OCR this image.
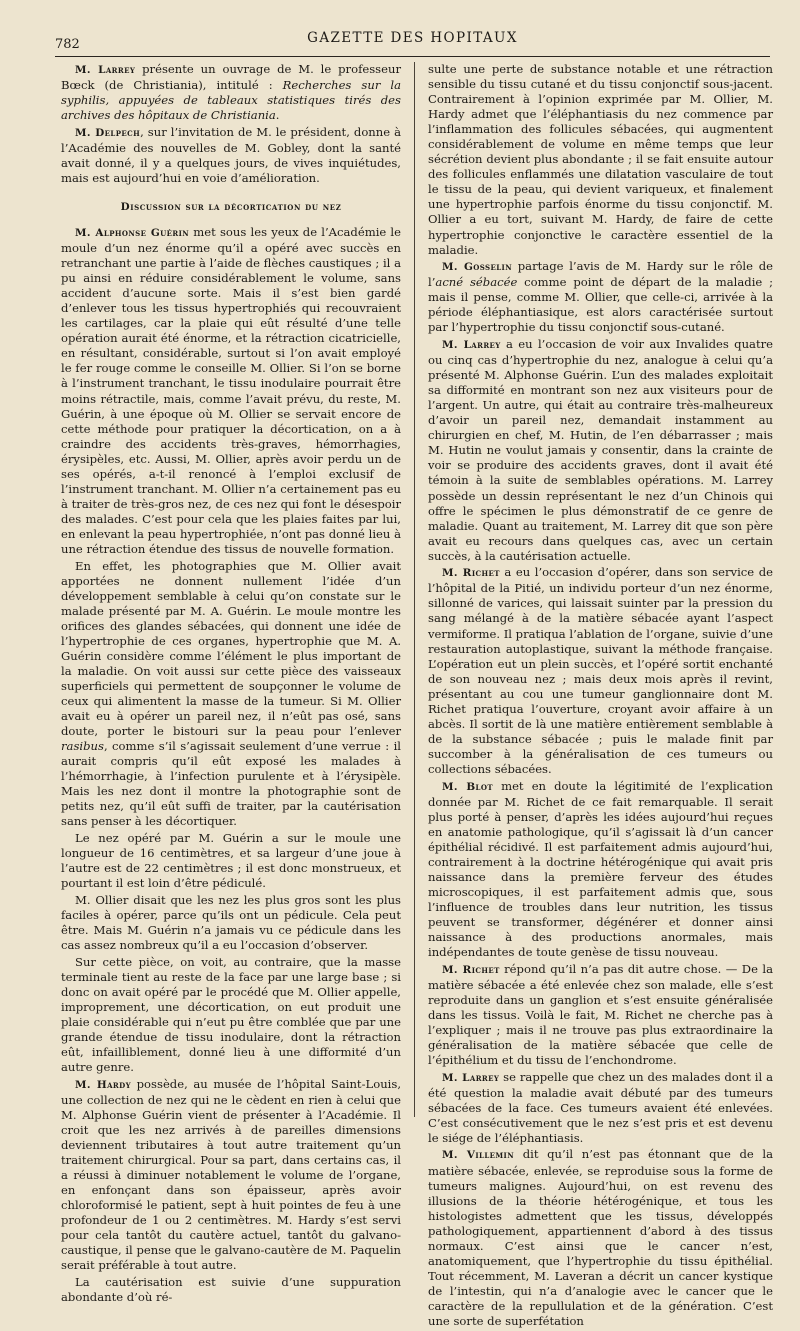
782	GAZETTE DES HOPITAUX

M. Larrey présente un ouvrage de M. le professeur Bœck (de Christiania), intitulé : Recherches sur la syphilis, appuyées de tableaux statistiques tirés des archives des hôpitaux de Christiania.

M. Delpech, sur l’invitation de M. le président, donne à l’Académie des nouvelles de M. Gobley, dont la santé avait donné, il y a quelques jours, de vives inquiétudes, mais est aujourd’hui en voie d’amélioration.

Discussion sur la décortication du nez

M. Alphonse Guérin met sous les yeux de l’Académie le moule d’un nez énorme qu’il a opéré avec succès en retranchant une partie à l’aide de flèches caustiques ; il a pu ainsi en réduire considérablement le volume, sans accident d’aucune sorte. Mais il s’est bien gardé d’enlever tous les tissus hypertrophiés qui recouvraient les cartilages, car la plaie qui eût résulté d’une telle opération aurait été énorme, et la rétraction cicatricielle, en résultant, considérable, surtout si l’on avait employé le fer rouge comme le conseille M. Ollier. Si l’on se borne à l’instrument tranchant, le tissu inodulaire pourrait être moins rétractile, mais, comme l’avait prévu, du reste, M. Guérin, à une époque où M. Ollier se servait encore de cette méthode pour pratiquer la décortication, on a à craindre des accidents très-graves, hémorrhagies, érysipèles, etc. Aussi, M. Ollier, après avoir perdu un de ses opérés, a-t-il renoncé à l’emploi exclusif de l’instrument tranchant. M. Ollier n’a certainement pas eu à traiter de très-gros nez, de ces nez qui font le désespoir des malades. C’est pour cela que les plaies faites par lui, en enlevant la peau hypertrophiée, n’ont pas donné lieu à une rétraction étendue des tissus de nouvelle formation.

En effet, les photographies que M. Ollier avait apportées ne donnent nullement l’idée d’un développement semblable à celui qu’on constate sur le malade présenté par M. A. Guérin. Le moule montre les orifices des glandes sébacées, qui donnent une idée de l’hypertrophie de ces organes, hypertrophie que M. A. Guérin considère comme l’élément le plus important de la maladie. On voit aussi sur cette pièce des vaisseaux superficiels qui permettent de soupçonner le volume de ceux qui alimentent la masse de la tumeur. Si M. Ollier avait eu à opérer un pareil nez, il n’eût pas osé, sans doute, porter le bistouri sur la peau pour l’enlever rasibus, comme s’il s’agissait seulement d’une verrue : il aurait compris qu’il eût exposé les malades à l’hémorrhagie, à l’infection purulente et à l’érysipèle. Mais les nez dont il montre la photographie sont de petits nez, qu’il eût suffi de traiter, par la cautérisation sans penser à les décortiquer.

Le nez opéré par M. Guérin a sur le moule une longueur de 16 centimètres, et sa largeur d’une joue à l’autre est de 22 centimètres ; il est donc monstrueux, et pourtant il est loin d’être pédiculé.

M. Ollier disait que les nez les plus gros sont les plus faciles à opérer, parce qu’ils ont un pédicule. Cela peut être. Mais M. Guérin n’a jamais vu ce pédicule dans les cas assez nombreux qu’il a eu l’occasion d’observer.

Sur cette pièce, on voit, au contraire, que la masse terminale tient au reste de la face par une large base ; si donc on avait opéré par le procédé que M. Ollier appelle, improprement, une décortication, on eut produit une plaie considérable qui n’eut pu être comblée que par une grande étendue de tissu inodulaire, dont la rétraction eût, infailliblement, donné lieu à une difformité d’un autre genre.

M. Hardy possède, au musée de l’hôpital Saint-Louis, une collection de nez qui ne le cèdent en rien à celui que M. Alphonse Guérin vient de présenter à l’Académie. Il croit que les nez arrivés à de pareilles dimensions deviennent tributaires à tout autre traitement qu’un traitement chirurgical. Pour sa part, dans certains cas, il a réussi à diminuer notablement le volume de l’organe, en enfonçant dans son épaisseur, après avoir chloroformisé le patient, sept à huit pointes de feu à une profondeur de 1 ou 2 centimètres. M. Hardy s’est servi pour cela tantôt du cautère actuel, tantôt du galvano-caustique, il pense que le galvano-cautère de M. Paquelin serait préférable à tout autre.

La cautérisation est suivie d’une suppuration abondante d’où ré-

sulte une perte de substance notable et une rétraction sensible du tissu cutané et du tissu conjonctif sous-jacent. Contrairement à l’opinion exprimée par M. Ollier, M. Hardy admet que l’éléphantiasis du nez commence par l’inflammation des follicules sébacées, qui augmentent considérablement de volume en même temps que leur sécrétion devient plus abondante ; il se fait ensuite autour des follicules enflammés une dilatation vasculaire de tout le tissu de la peau, qui devient variqueux, et finalement une hypertrophie parfois énorme du tissu conjonctif. M. Ollier a eu tort, suivant M. Hardy, de faire de cette hypertrophie conjonctive le caractère essentiel de la maladie.

M. Gosselin partage l’avis de M. Hardy sur le rôle de l’acné sébacée comme point de départ de la maladie ; mais il pense, comme M. Ollier, que celle-ci, arrivée à la période éléphantiasique, est alors caractérisée surtout par l’hypertrophie du tissu conjonctif sous-cutané.

M. Larrey a eu l’occasion de voir aux Invalides quatre ou cinq cas d’hypertrophie du nez, analogue à celui qu’a présenté M. Alphonse Guérin. L’un des malades exploitait sa difformité en montrant son nez aux visiteurs pour de l’argent. Un autre, qui était au contraire très-malheureux d’avoir un pareil nez, demandait instamment au chirurgien en chef, M. Hutin, de l’en débarrasser ; mais M. Hutin ne voulut jamais y consentir, dans la crainte de voir se produire des accidents graves, dont il avait été témoin à la suite de semblables opérations. M. Larrey possède un dessin représentant le nez d’un Chinois qui offre le spécimen le plus démonstratif de ce genre de maladie. Quant au traitement, M. Larrey dit que son père avait eu recours dans quelques cas, avec un certain succès, à la cautérisation actuelle.

M. Richet a eu l’occasion d’opérer, dans son service de l’hôpital de la Pitié, un individu porteur d’un nez énorme, sillonné de varices, qui laissait suinter par la pression du sang mélangé à de la matière sébacée ayant l’aspect vermiforme. Il pratiqua l’ablation de l’organe, suivie d’une restauration autoplastique, suivant la méthode française. L’opération eut un plein succès, et l’opéré sortit enchanté de son nouveau nez ; mais deux mois après il revint, présentant au cou une tumeur ganglionnaire dont M. Richet pratiqua l’ouverture, croyant avoir affaire à un abcès. Il sortit de là une matière entièrement semblable à de la substance sébacée ; puis le malade finit par succomber à la généralisation de ces tumeurs ou collections sébacées.

M. Blot met en doute la légitimité de l’explication donnée par M. Richet de ce fait remarquable. Il serait plus porté à penser, d’après les idées aujourd’hui reçues en anatomie pathologique, qu’il s’agissait là d’un cancer épithélial récidivé. Il est parfaitement admis aujourd’hui, contrairement à la doctrine hétérogénique qui avait pris naissance dans la première ferveur des études microscopiques, il est parfaitement admis que, sous l’influence de troubles dans leur nutrition, les tissus peuvent se transformer, dégénérer et donner ainsi naissance à des productions anormales, mais indépendantes de toute genèse de tissu nouveau.

M. Richet répond qu’il n’a pas dit autre chose. — De la matière sébacée a été enlevée chez son malade, elle s’est reproduite dans un ganglion et s’est ensuite généralisée dans les tissus. Voilà le fait, M. Richet ne cherche pas à l’expliquer ; mais il ne trouve pas plus extraordinaire la généralisation de la matière sébacée que celle de l’épithélium et du tissu de l’enchondrome.

M. Larrey se rappelle que chez un des malades dont il a été question la maladie avait débuté par des tumeurs sébacées de la face. Ces tumeurs avaient été enlevées. C’est consécutivement que le nez s’est pris et est devenu le siége de l’éléphantiasis.

M. Villemin dit qu’il n’est pas étonnant que de la matière sébacée, enlevée, se reproduise sous la forme de tumeurs malignes. Aujourd’hui, on est revenu des illusions de la théorie hétérogénique, et tous les histologistes admettent que les tissus, développés pathologiquement, appartiennent d’abord à des tissus normaux. C’est ainsi que le cancer n’est, anatomiquement, que l’hypertrophie du tissu épithélial. Tout récemment, M. Laveran a décrit un cancer kystique de l’intestin, qui n’a d’analogie avec le cancer que le caractère de la repullulation et de la génération. C’est une sorte de superfétation
